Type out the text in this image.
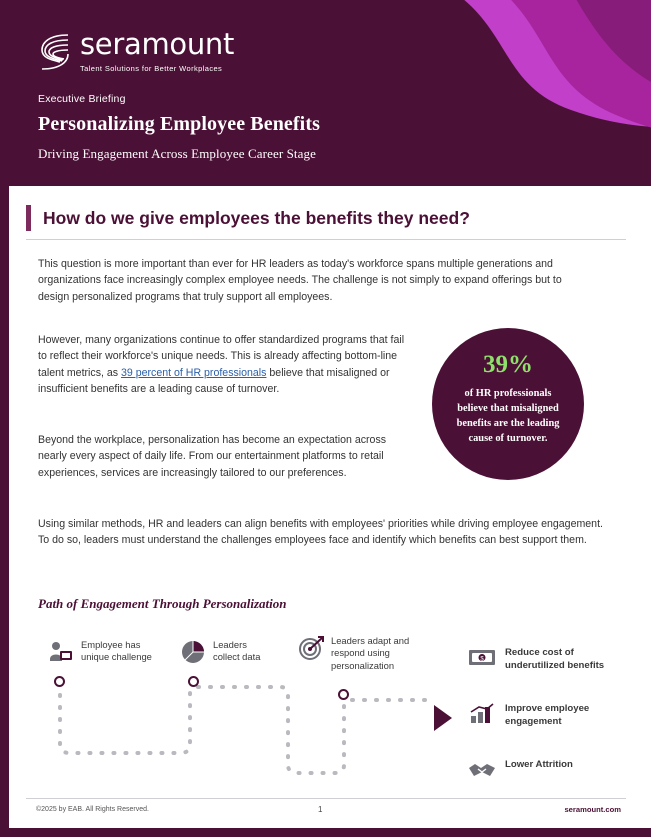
seramount
Talent Solutions for Better Workplaces
Executive Briefing
Personalizing Employee Benefits
Driving Engagement Across Employee Career Stage
How do we give employees the benefits they need?
This question is more important than ever for HR leaders as today's workforce spans multiple generations and organizations face increasingly complex employee needs. The challenge is not simply to expand offerings but to design personalized programs that truly support all employees.
However, many organizations continue to offer standardized programs that fail to reflect their workforce's unique needs. This is already affecting bottom-line talent metrics, as 39 percent of HR professionals believe that misaligned or insufficient benefits are a leading cause of turnover.
Beyond the workplace, personalization has become an expectation across nearly every aspect of daily life. From our entertainment platforms to retail experiences, services are increasingly tailored to our preferences.
Using similar methods, HR and leaders can align benefits with employees' priorities while driving employee engagement. To do so, leaders must understand the challenges employees face and identify which benefits can best support them.
39%
of HR professionals believe that misaligned benefits are the leading cause of turnover.
Path of Engagement Through Personalization
Employee has unique challenge
Leaders collect data
Leaders adapt and respond using personalization
$
Reduce cost of underutilized benefits
Improve employee engagement
Lower Attrition
©2025 by EAB. All Rights Reserved.	1	seramount.com
